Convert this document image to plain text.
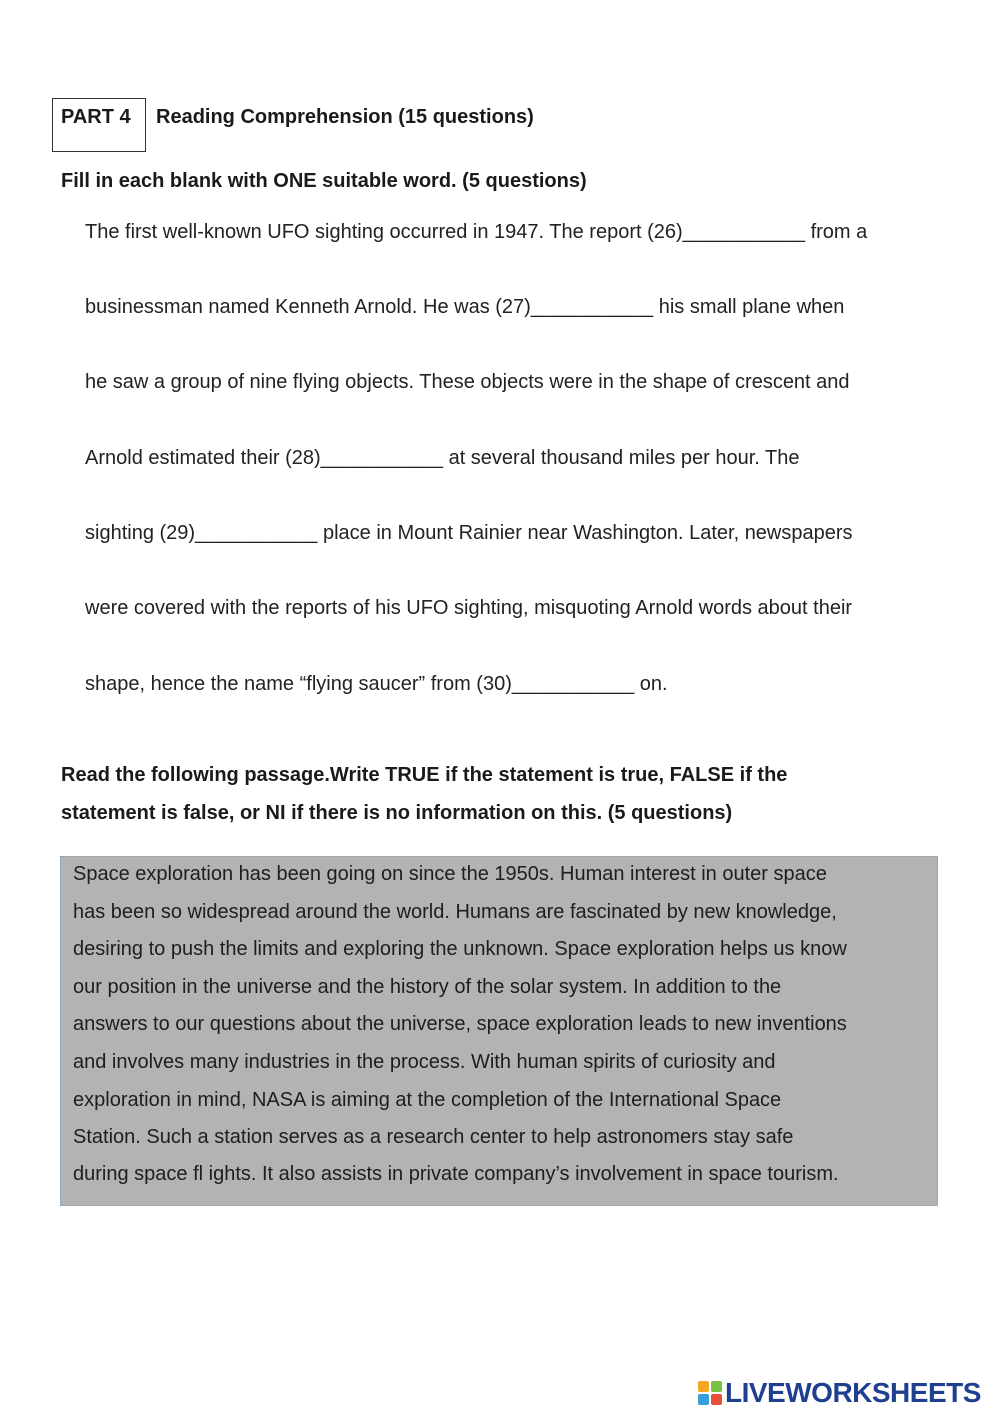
PART 4 Reading Comprehension (15 questions)
Fill in each blank with ONE suitable word. (5 questions)
The first well-known UFO sighting occurred in 1947. The report (26)___________ from a
businessman named Kenneth Arnold. He was (27)___________ his small plane when
he saw a group of nine flying objects. These objects were in the shape of crescent and
Arnold estimated their (28)___________ at several thousand miles per hour. The
sighting (29)___________ place in Mount Rainier near Washington. Later, newspapers
were covered with the reports of his UFO sighting, misquoting Arnold words about their
shape, hence the name “flying saucer” from (30)___________ on.
Read the following passage.Write TRUE if the statement is true, FALSE if the
statement is false, or NI if there is no information on this. (5 questions)
Space exploration has been going on since the 1950s. Human interest in outer space
has been so widespread around the world. Humans are fascinated by new knowledge,
desiring to push the limits and exploring the unknown. Space exploration helps us know
our position in the universe and the history of the solar system. In addition to the
answers to our questions about the universe, space exploration leads to new inventions
and involves many industries in the process. With human spirits of curiosity and
exploration in mind, NASA is aiming at the completion of the International Space
Station. Such a station serves as a research center to help astronomers stay safe
during space fl ights. It also assists in private company’s involvement in space tourism.
LIVEWORKSHEETS
